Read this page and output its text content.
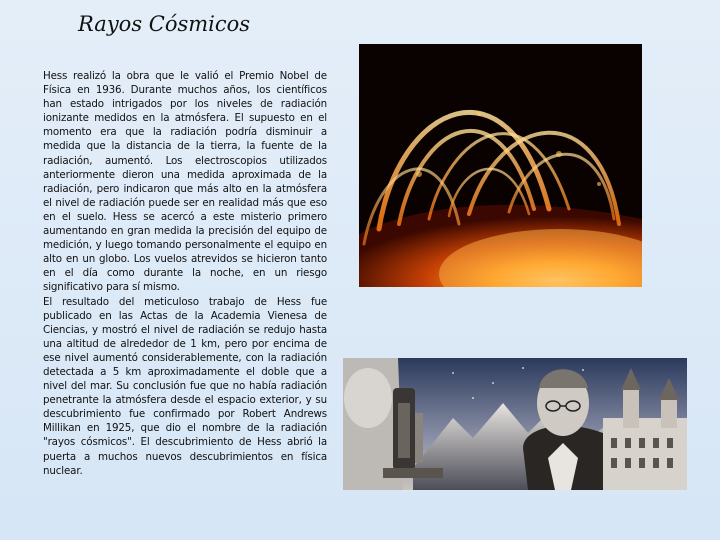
Rayos Cósmicos

Hess realizó la obra que le valió el Premio Nobel de Física en 1936. Durante muchos años, los científicos han estado intrigados por los niveles de radiación ionizante medidos en la atmósfera. El supuesto en el momento era que la radiación podría disminuir a medida que la distancia de la tierra, la fuente de la radiación, aumentó. Los electroscopios utilizados anteriormente dieron una medida aproximada de la radiación, pero indicaron que más alto en la atmósfera el nivel de radiación puede ser en realidad más que eso en el suelo. Hess se acercó a este misterio primero aumentando en gran medida la precisión del equipo de medición, y luego tomando personalmente el equipo en alto en un globo. Los vuelos atrevidos se hicieron tanto en el día como durante la noche, en un riesgo significativo para sí mismo.

El resultado del meticuloso trabajo de Hess fue publicado en las Actas de la Academia Vienesa de Ciencias, y mostró el nivel de radiación se redujo hasta una altitud de alrededor de 1 km, pero por encima de ese nivel aumentó considerablemente, con la radiación detectada a 5 km aproximadamente el doble que a nivel del mar. Su conclusión fue que no había radiación penetrante la atmósfera desde el espacio exterior, y su descubrimiento fue confirmado por Robert Andrews Millikan en 1925, que dio el nombre de la radiación "rayos cósmicos". El descubrimiento de Hess abrió la puerta a muchos nuevos descubrimientos en física nuclear.
